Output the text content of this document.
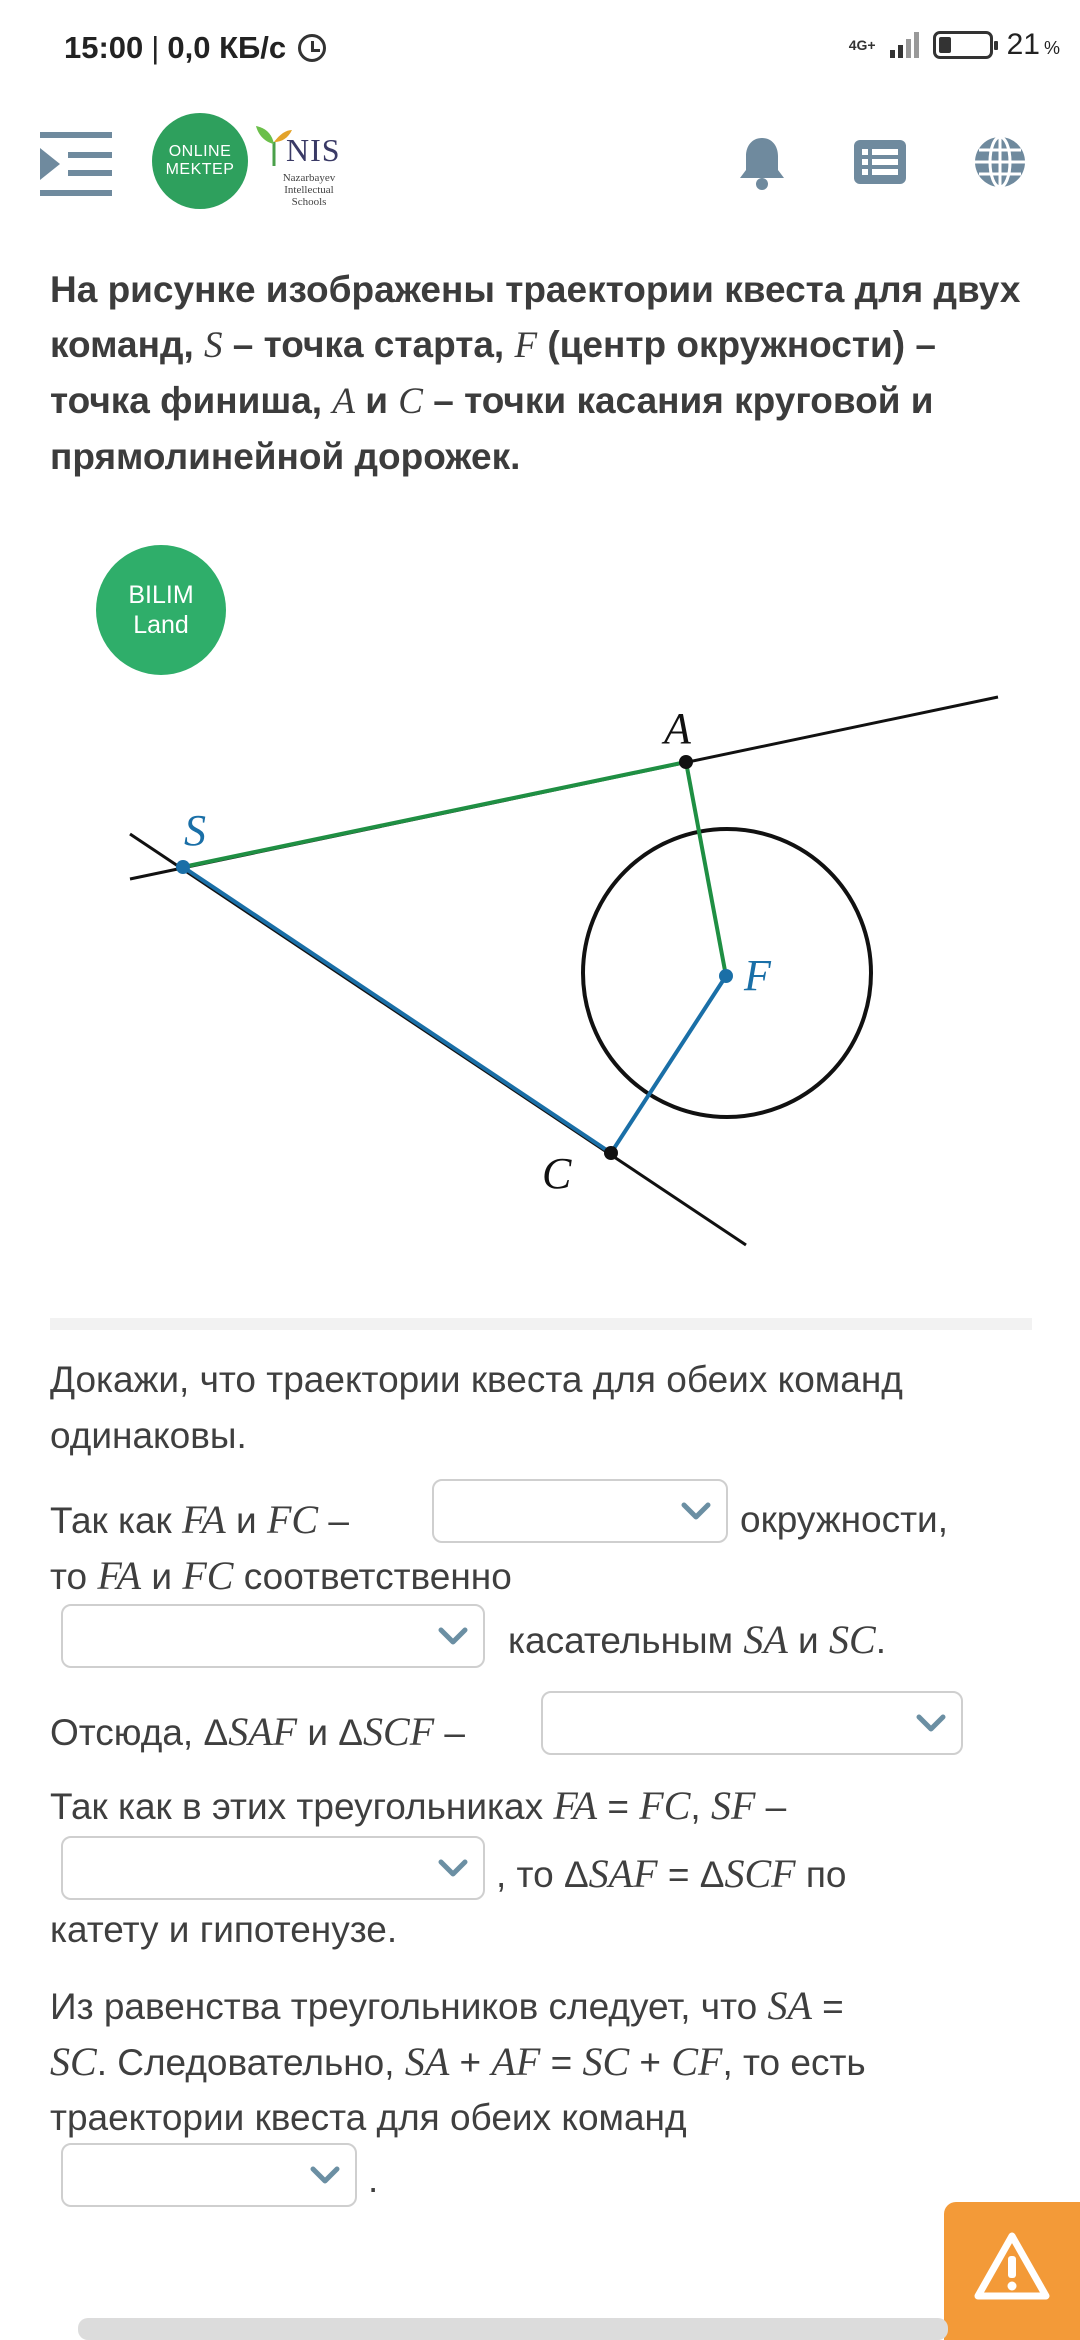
15:00 | 0,0 КБ/с	4G+	21 %
ONLINE
MEKTEP
NIS
Nazarbayev
Intellectual
Schools
На рисунке изображены траектории квеста для двух команд, S – точка старта, F (центр окружности) – точка финиша, A и C – точки касания круговой и прямолинейной дорожек.
BILIM
Land
S
A
F
C
Докажи, что траектории квеста для обеих команд одинаковы.
Так как FA и FC –	окружности,
то FA и FC соответственно
касательным SA и SC.
Отсюда, ΔSAF и ΔSCF –
Так как в этих треугольниках FA = FC, SF –
, то ΔSAF = ΔSCF по
катету и гипотенузе.
Из равенства треугольников следует, что SA =
SC. Следовательно, SA + AF = SC + CF, то есть
траектории квеста для обеих команд
.
